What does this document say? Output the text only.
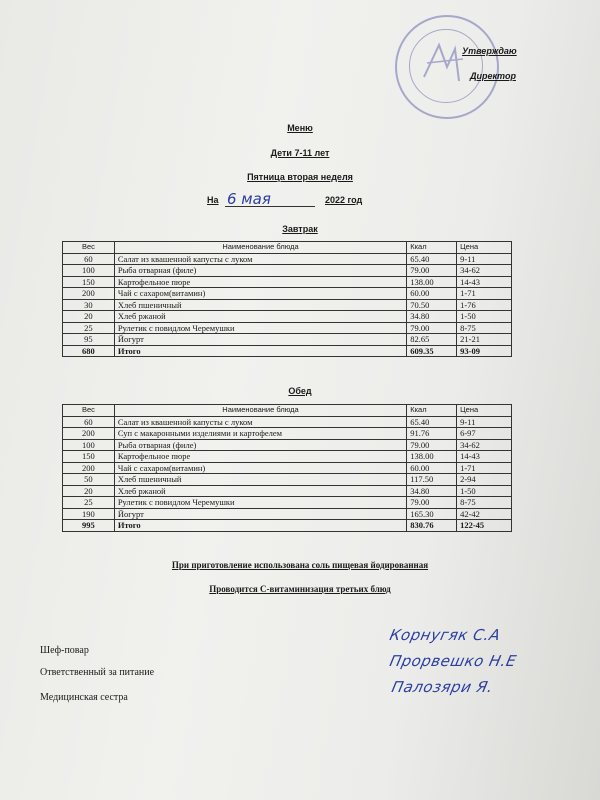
Утверждаю
Директор
Меню
Дети 7-11 лет
Пятница вторая неделя
На 6 мая	2022 год
Завтрак
Вес	Наименование блюда	Ккал	Цена
60	Салат из квашенной капусты с луком	65.40	9-11
100	Рыба отварная (филе)	79.00	34-62
150	Картофельное пюре	138.00	14-43
200	Чай с сахаром(витамин)	60.00	1-71
30	Хлеб пшеничный	70.50	1-76
20	Хлеб ржаной	34.80	1-50
25	Рулетик с повидлом Черемушки	79.00	8-75
95	Йогурт	82.65	21-21
680	Итого	609.35	93-09
Обед
Вес	Наименование блюда	Ккал	Цена
60	Салат из квашенной капусты с луком	65.40	9-11
200	Суп с макаронными изделиями и картофелем	91.76	6-97
100	Рыба отварная (филе)	79.00	34-62
150	Картофельное пюре	138.00	14-43
200	Чай с сахаром(витамин)	60.00	1-71
50	Хлеб пшеничный	117.50	2-94
20	Хлеб ржаной	34.80	1-50
25	Рулетик с повидлом Черемушки	79.00	8-75
190	Йогурт	165.30	42-42
995	Итого	830.76	122-45
При приготовление использована соль пищевая йодированная
Проводится С-витаминизация третьих блюд
Шеф-повар
Ответственный за питание
Медицинская сестра
Корнугяк С.А
Прорвешко Н.Е
Палозяри Я.
